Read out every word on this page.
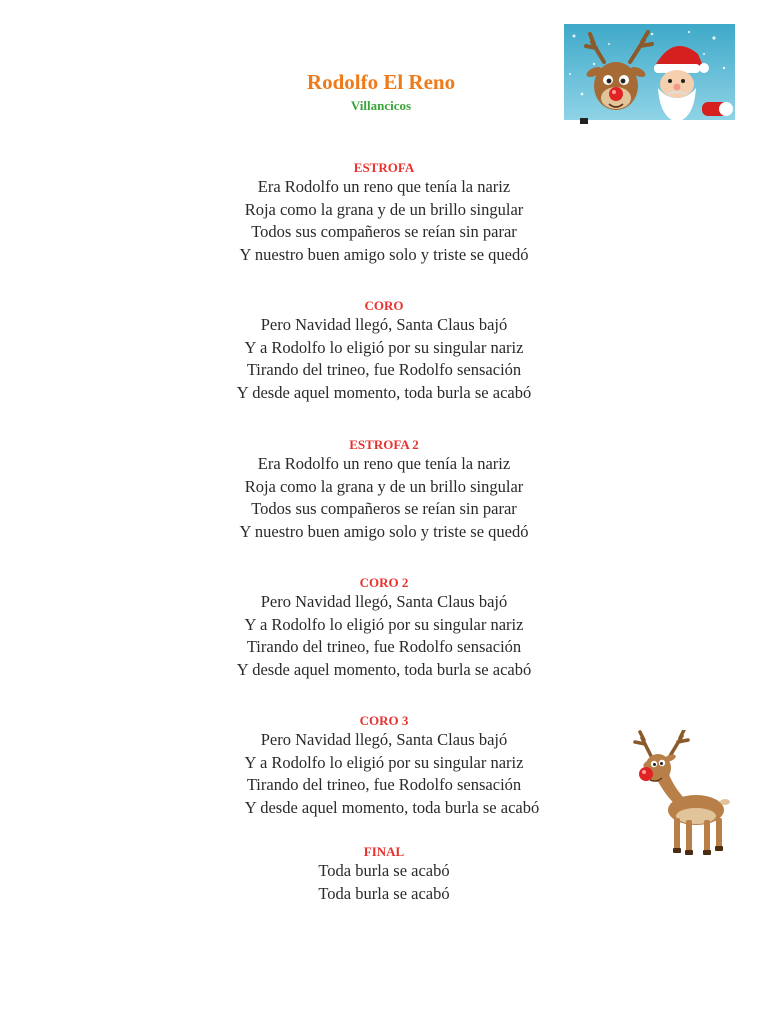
Rodolfo El Reno
Villancicos
ESTROFA
Era Rodolfo un reno que tenía la nariz
Roja como la grana y de un brillo singular
Todos sus compañeros se reían sin parar
Y nuestro buen amigo solo y triste se quedó
CORO
Pero Navidad llegó, Santa Claus bajó
Y a Rodolfo lo eligió por su singular nariz
Tirando del trineo, fue Rodolfo sensación
Y desde aquel momento, toda burla se acabó
ESTROFA 2
Era Rodolfo un reno que tenía la nariz
Roja como la grana y de un brillo singular
Todos sus compañeros se reían sin parar
Y nuestro buen amigo solo y triste se quedó
CORO 2
Pero Navidad llegó, Santa Claus bajó
Y a Rodolfo lo eligió por su singular nariz
Tirando del trineo, fue Rodolfo sensación
Y desde aquel momento, toda burla se acabó
CORO 3
Pero Navidad llegó, Santa Claus bajó
Y a Rodolfo lo eligió por su singular nariz
Tirando del trineo, fue Rodolfo sensación
Y desde aquel momento, toda burla se acabó
FINAL
Toda burla se acabó
Toda burla se acabó
